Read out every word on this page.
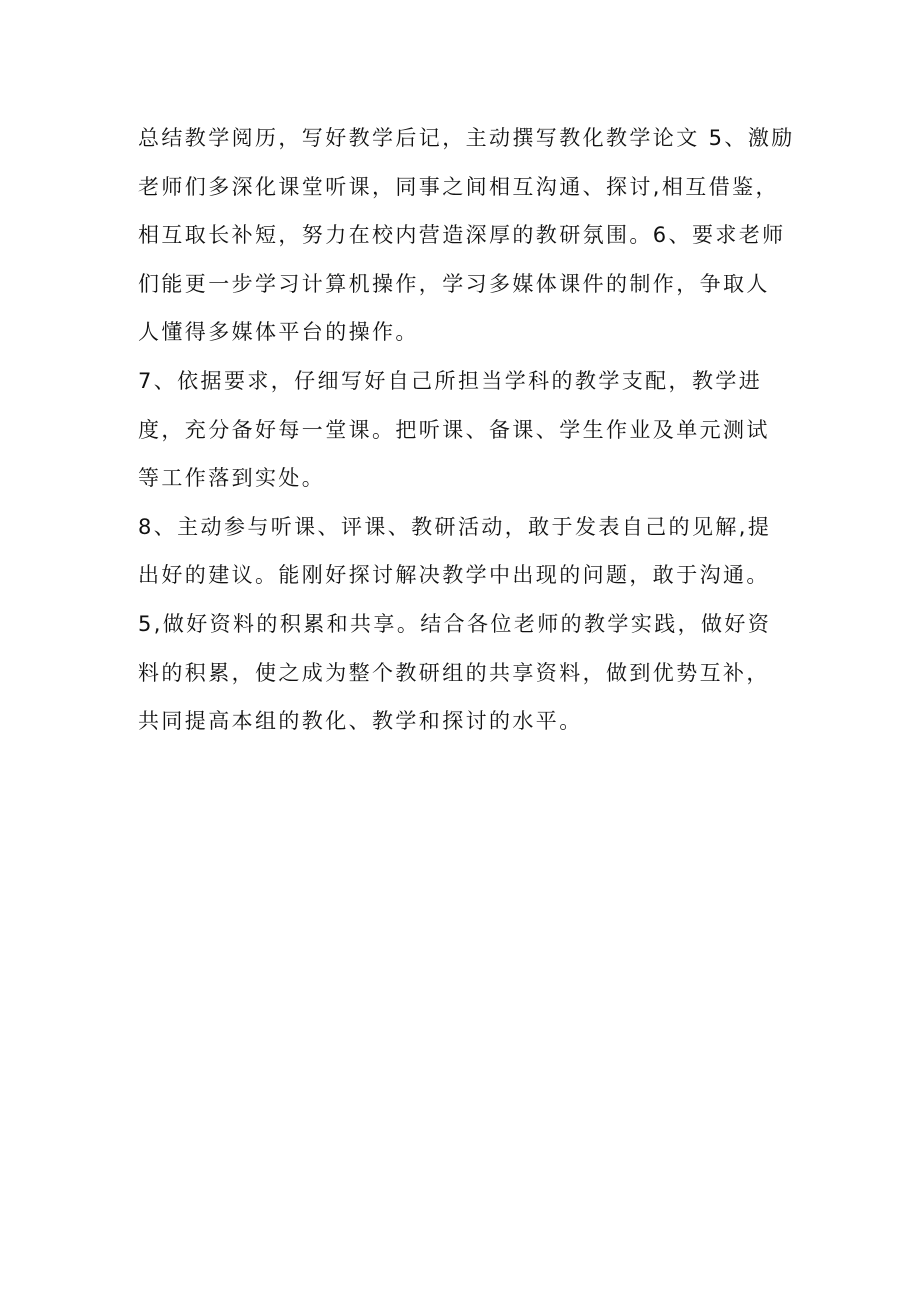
总结教学阅历，写好教学后记，主动撰写教化教学论文 5、激励
老师们多深化课堂听课，同事之间相互沟通、探讨,相互借鉴，
相互取长补短，努力在校内营造深厚的教研氛围。6、要求老师
们能更一步学习计算机操作，学习多媒体课件的制作，争取人
人懂得多媒体平台的操作。
7、依据要求，仔细写好自己所担当学科的教学支配，教学进
度，充分备好每一堂课。把听课、备课、学生作业及单元测试
等工作落到实处。
8、主动参与听课、评课、教研活动，敢于发表自己的见解,提
出好的建议。能刚好探讨解决教学中出现的问题，敢于沟通。
5,做好资料的积累和共享。结合各位老师的教学实践，做好资
料的积累，使之成为整个教研组的共享资料，做到优势互补，
共同提高本组的教化、教学和探讨的水平。
